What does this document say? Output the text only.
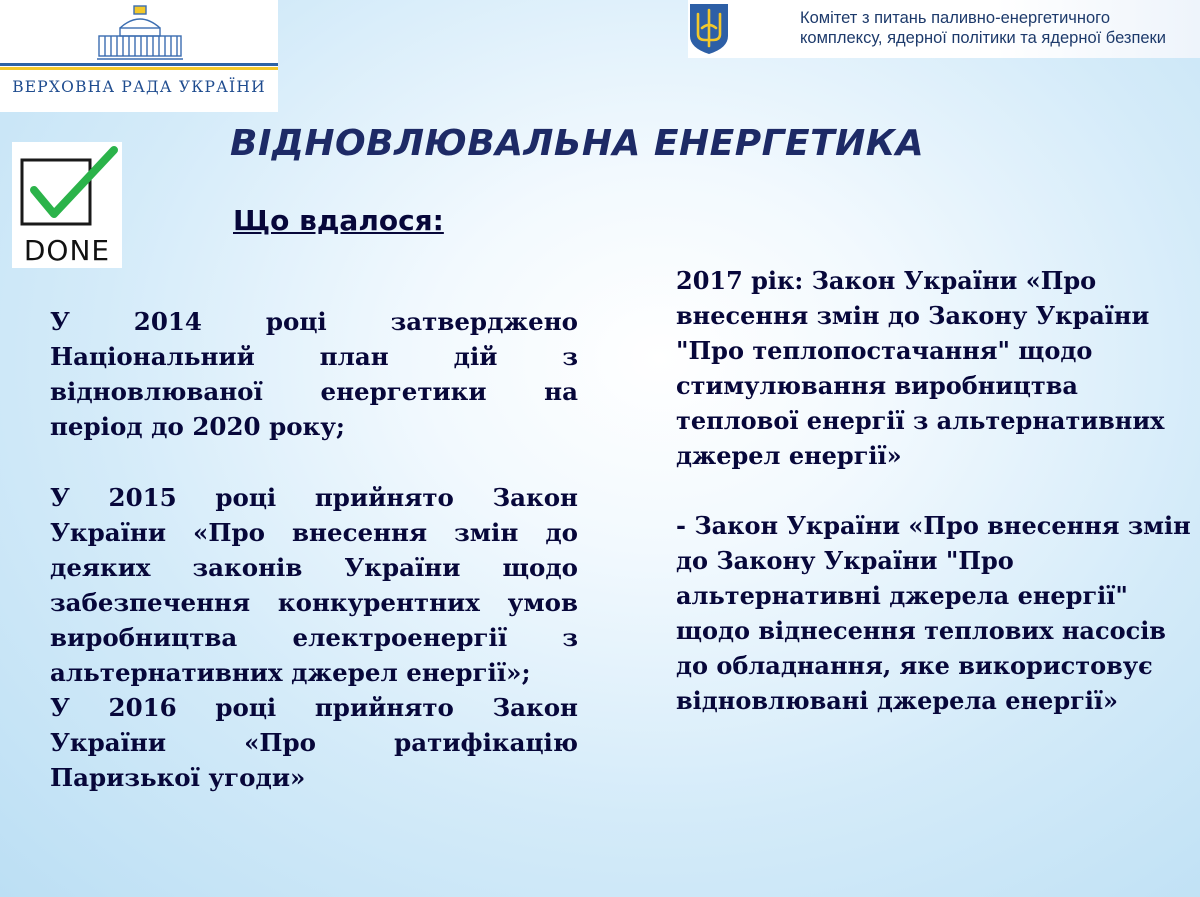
ВЕРХОВНА РАДА УКРАЇНИ
Комітет з питань паливно-енергетичного
комплексу, ядерної політики та ядерної безпеки
DONE
ВІДНОВЛЮВАЛЬНА ЕНЕРГЕТИКА
Що вдалося:

У 2014 році затверджено Національний план дій з відновлюваної енергетики на період до 2020 року;

У 2015 році прийнято Закон України «Про внесення змін до деяких законів України щодо забезпечення конкурентних умов виробництва електроенергії з альтернативних джерел енергії»;

У 2016 році прийнято Закон України «Про ратифікацію Паризької угоди»

2017 рік: Закон України «Про внесення змін до Закону України "Про теплопостачання" щодо стимулювання виробництва теплової енергії з альтернативних джерел енергії»

- Закон України «Про внесення змін до Закону України "Про альтернативні джерела енергії" щодо віднесення теплових насосів до обладнання, яке використовує відновлювані джерела енергії»
